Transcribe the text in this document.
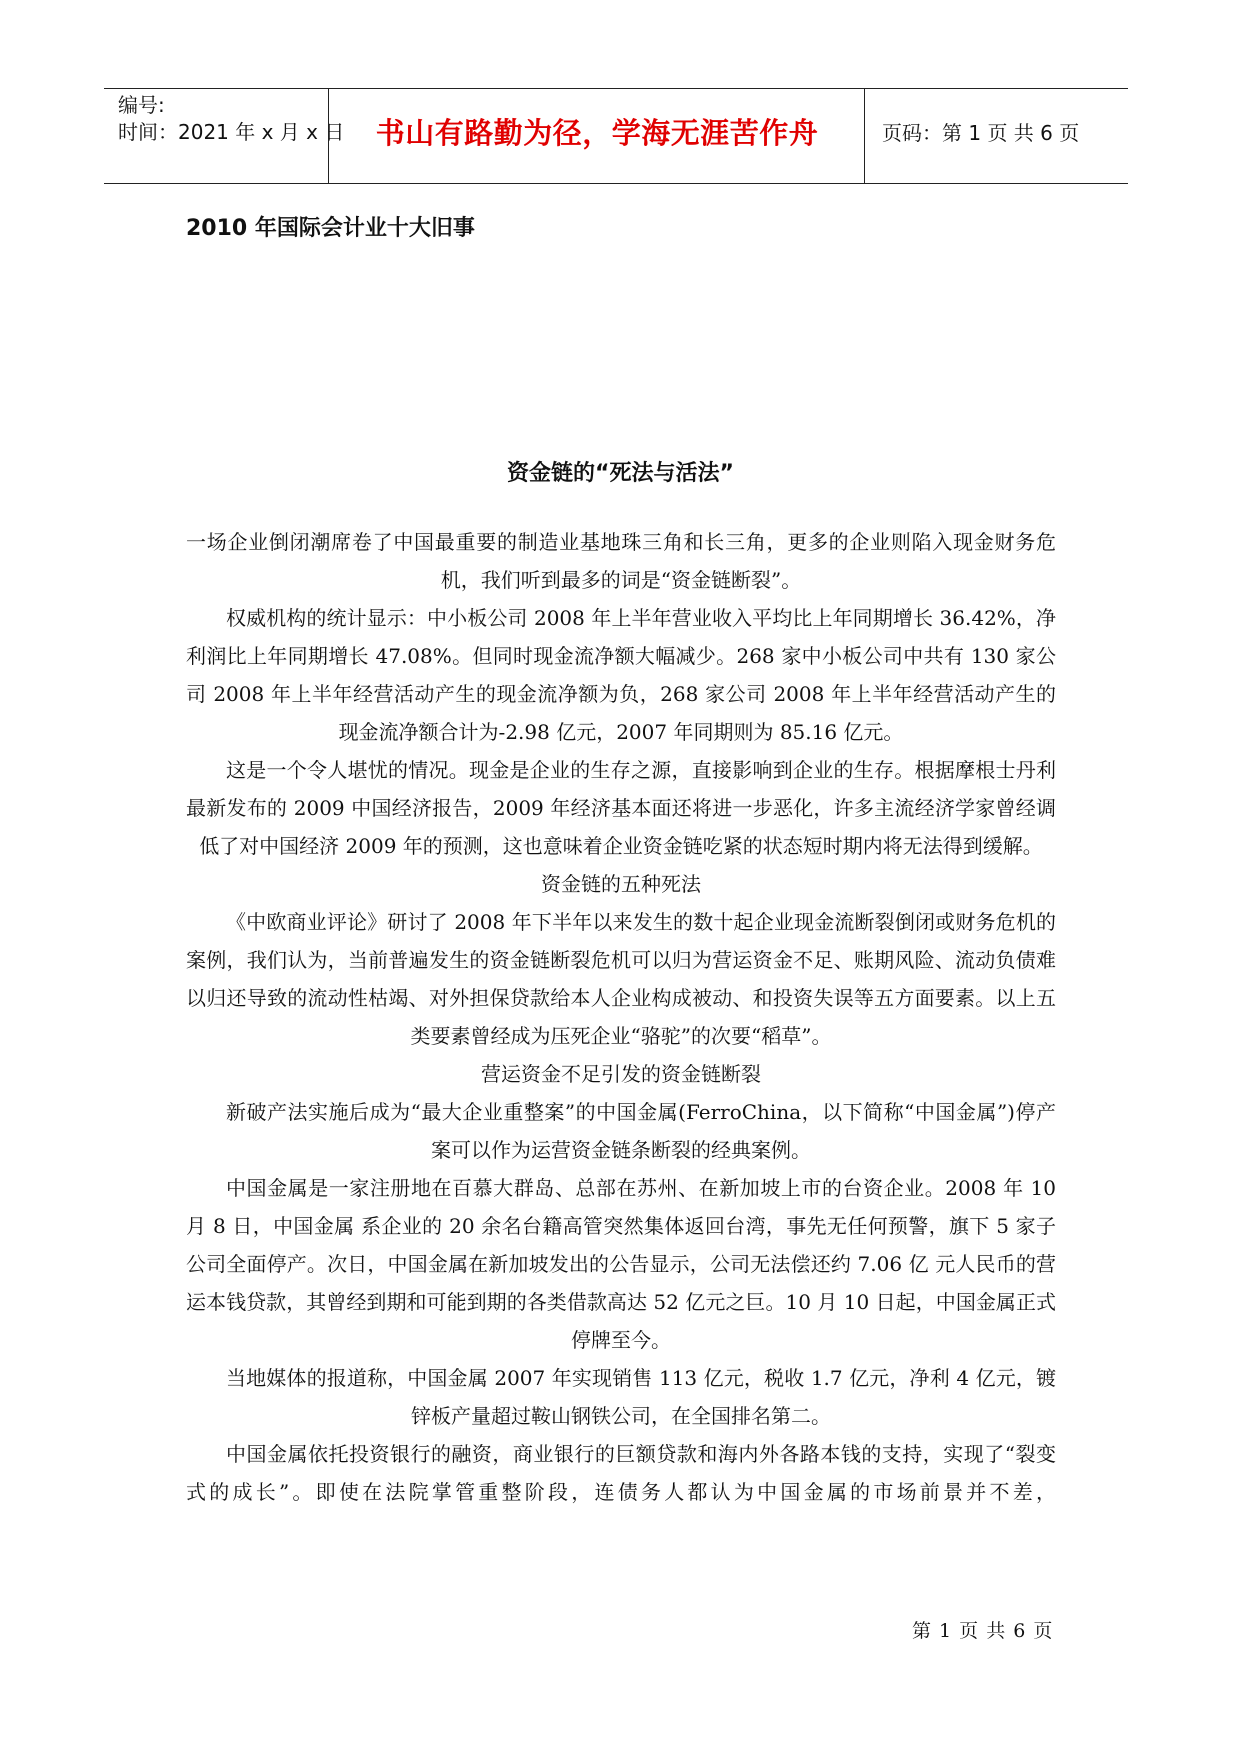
编号:
时间：2021 年 x 月 x 日	书山有路勤为径，学海无涯苦作舟	页码：第 1 页 共 6 页
2010 年国际会计业十大旧事
资金链的“死法与活法”

一场企业倒闭潮席卷了中国最重要的制造业基地珠三角和长三角，更多的企业则陷入现金财务危机，我们听到最多的词是“资金链断裂”。

权威机构的统计显示：中小板公司 2008 年上半年营业收入平均比上年同期增长 36.42%，净利润比上年同期增长 47.08%。但同时现金流净额大幅减少。268 家中小板公司中共有 130 家公司 2008 年上半年经营活动产生的现金流净额为负，268 家公司 2008 年上半年经营活动产生的现金流净额合计为-2.98 亿元，2007 年同期则为 85.16 亿元。

这是一个令人堪忧的情况。现金是企业的生存之源，直接影响到企业的生存。根据摩根士丹利最新发布的 2009 中国经济报告，2009 年经济基本面还将进一步恶化，许多主流经济学家曾经调低了对中国经济 2009 年的预测，这也意味着企业资金链吃紧的状态短时期内将无法得到缓解。

资金链的五种死法

《中欧商业评论》研讨了 2008 年下半年以来发生的数十起企业现金流断裂倒闭或财务危机的案例，我们认为，当前普遍发生的资金链断裂危机可以归为营运资金不足、账期风险、流动负债难以归还导致的流动性枯竭、对外担保贷款给本人企业构成被动、和投资失误等五方面要素。以上五类要素曾经成为压死企业“骆驼”的次要“稻草”。

营运资金不足引发的资金链断裂

新破产法实施后成为“最大企业重整案”的中国金属(FerroChina，以下简称“中国金属”)停产案可以作为运营资金链条断裂的经典案例。

中国金属是一家注册地在百慕大群岛、总部在苏州、在新加坡上市的台资企业。2008 年 10 月 8 日，中国金属 系企业的 20 余名台籍高管突然集体返回台湾，事先无任何预警，旗下 5 家子公司全面停产。次日，中国金属在新加坡发出的公告显示，公司无法偿还约 7.06 亿 元人民币的营运本钱贷款，其曾经到期和可能到期的各类借款高达 52 亿元之巨。10 月 10 日起，中国金属正式停牌至今。

当地媒体的报道称，中国金属 2007 年实现销售 113 亿元，税收 1.7 亿元，净利 4 亿元，镀锌板产量超过鞍山钢铁公司，在全国排名第二。

中国金属依托投资银行的融资，商业银行的巨额贷款和海内外各路本钱的支持，实现了“裂变式的成长”。即使在法院掌管重整阶段，连债务人都认为中国金属的市场前景并不差，

第 1 页 共 6 页
